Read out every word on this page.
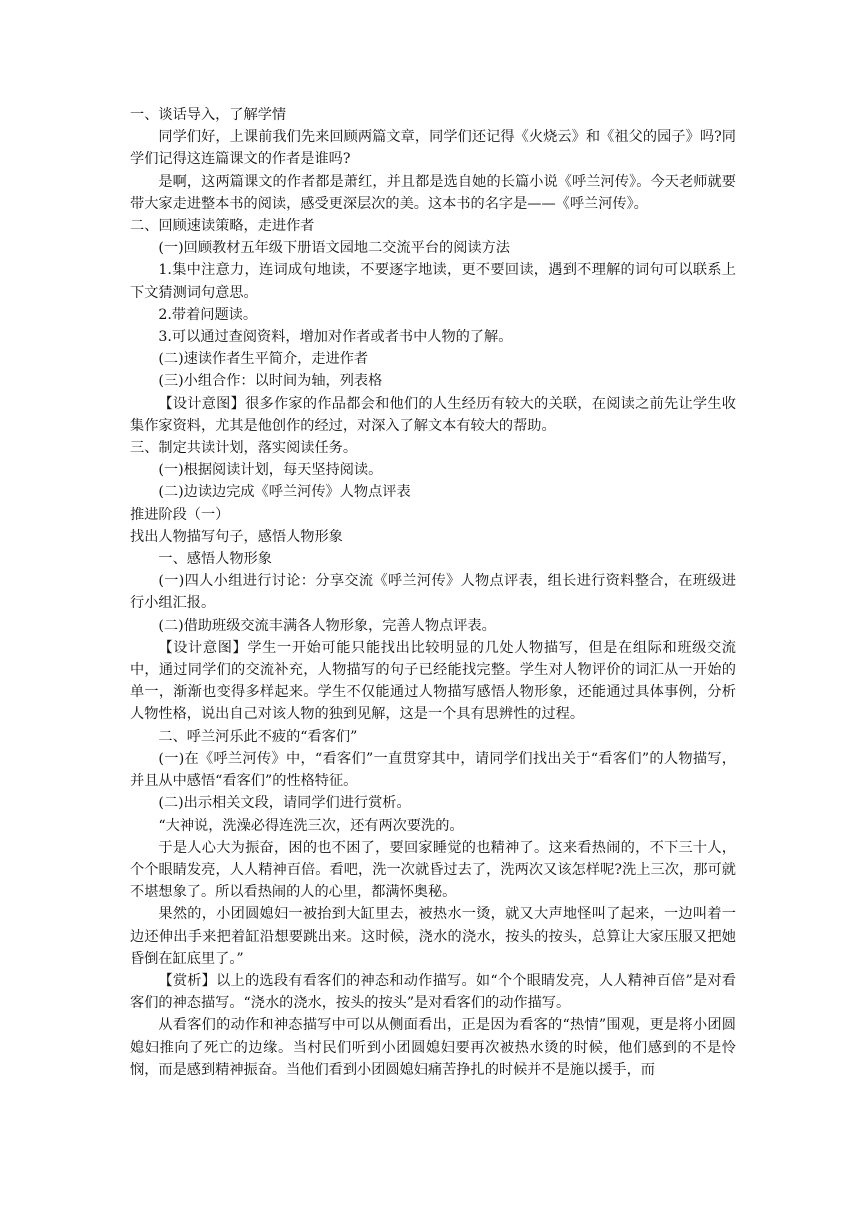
一、谈话导入，了解学情

同学们好，上课前我们先来回顾两篇文章，同学们还记得《火烧云》和《祖父的园子》吗?同学们记得这连篇课文的作者是谁吗?

是啊，这两篇课文的作者都是萧红，并且都是选自她的长篇小说《呼兰河传》。今天老师就要带大家走进整本书的阅读，感受更深层次的美。这本书的名字是——《呼兰河传》。

二、回顾速读策略，走进作者

(一)回顾教材五年级下册语文园地二交流平台的阅读方法

1.集中注意力，连词成句地读，不要逐字地读，更不要回读，遇到不理解的词句可以联系上下文猜测词句意思。

2.带着问题读。

3.可以通过查阅资料，增加对作者或者书中人物的了解。

(二)速读作者生平简介，走进作者

(三)小组合作：以时间为轴，列表格

【设计意图】很多作家的作品都会和他们的人生经历有较大的关联，在阅读之前先让学生收集作家资料，尤其是他创作的经过，对深入了解文本有较大的帮助。

三、制定共读计划，落实阅读任务。

(一)根据阅读计划，每天坚持阅读。

(二)边读边完成《呼兰河传》人物点评表

推进阶段（一）

找出人物描写句子，感悟人物形象

一、感悟人物形象

(一)四人小组进行讨论：分享交流《呼兰河传》人物点评表，组长进行资料整合，在班级进行小组汇报。

(二)借助班级交流丰满各人物形象，完善人物点评表。

【设计意图】学生一开始可能只能找出比较明显的几处人物描写，但是在组际和班级交流中，通过同学们的交流补充，人物描写的句子已经能找完整。学生对人物评价的词汇从一开始的单一，渐渐也变得多样起来。学生不仅能通过人物描写感悟人物形象，还能通过具体事例，分析人物性格，说出自己对该人物的独到见解，这是一个具有思辨性的过程。

二、呼兰河乐此不疲的“看客们”

(一)在《呼兰河传》中，“看客们”一直贯穿其中，请同学们找出关于“看客们”的人物描写，并且从中感悟“看客们”的性格特征。

(二)出示相关文段，请同学们进行赏析。

“大神说，洗澡必得连洗三次，还有两次要洗的。

于是人心大为振奋，困的也不困了，要回家睡觉的也精神了。这来看热闹的，不下三十人，个个眼睛发亮，人人精神百倍。看吧，洗一次就昏过去了，洗两次又该怎样呢?洗上三次，那可就不堪想象了。所以看热闹的人的心里，都满怀奥秘。

果然的，小团圆媳妇一被抬到大缸里去，被热水一烫，就又大声地怪叫了起来，一边叫着一边还伸出手来把着缸沿想要跳出来。这时候，浇水的浇水，按头的按头，总算让大家压服又把她昏倒在缸底里了。”

【赏析】以上的选段有看客们的神态和动作描写。如“个个眼睛发亮，人人精神百倍”是对看客们的神态描写。“浇水的浇水，按头的按头”是对看客们的动作描写。

从看客们的动作和神态描写中可以从侧面看出，正是因为看客的“热情”围观，更是将小团圆媳妇推向了死亡的边缘。当村民们听到小团圆媳妇要再次被热水烫的时候，他们感到的不是怜悯，而是感到精神振奋。当他们看到小团圆媳妇痛苦挣扎的时候并不是施以援手，而
